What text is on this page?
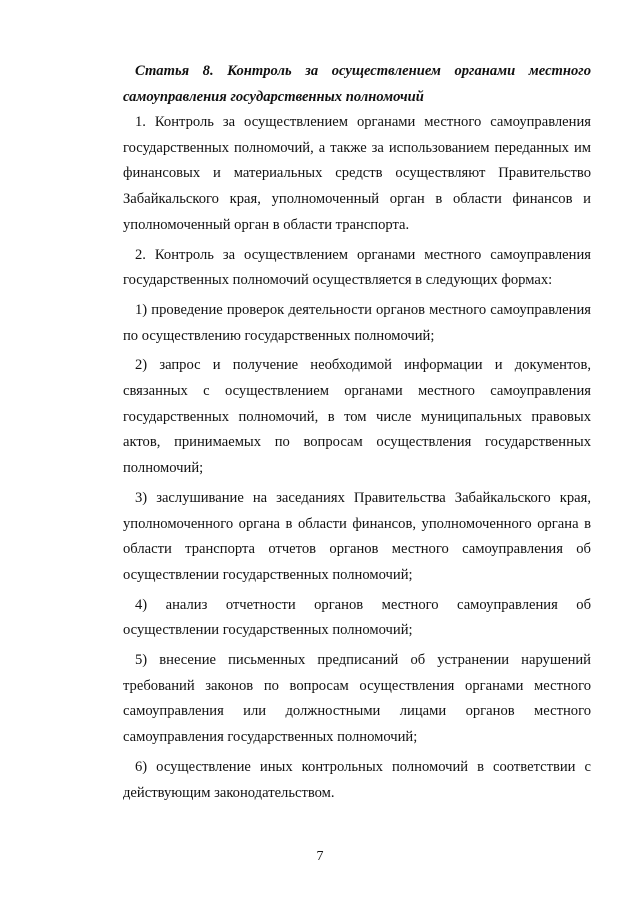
Статья 8. Контроль за осуществлением органами местного самоуправления государственных полномочий

1. Контроль за осуществлением органами местного самоуправления государственных полномочий, а также за использованием переданных им финансовых и материальных средств осуществляют Правительство Забайкальского края, уполномоченный орган в области финансов и уполномоченный орган в области транспорта.

2. Контроль за осуществлением органами местного самоуправления государственных полномочий осуществляется в следующих формах:

1) проведение проверок деятельности органов местного самоуправления по осуществлению государственных полномочий;

2) запрос и получение необходимой информации и документов, связанных с осуществлением органами местного самоуправления государственных полномочий, в том числе муниципальных правовых актов, принимаемых по вопросам осуществления государственных полномочий;

3) заслушивание на заседаниях Правительства Забайкальского края, уполномоченного органа в области финансов, уполномоченного органа в области транспорта отчетов органов местного самоуправления об осуществлении государственных полномочий;

4) анализ отчетности органов местного самоуправления об осуществлении государственных полномочий;

5) внесение письменных предписаний об устранении нарушений требований законов по вопросам осуществления органами местного самоуправления или должностными лицами органов местного самоуправления государственных полномочий;

6) осуществление иных контрольных полномочий в соответствии с действующим законодательством.

7
